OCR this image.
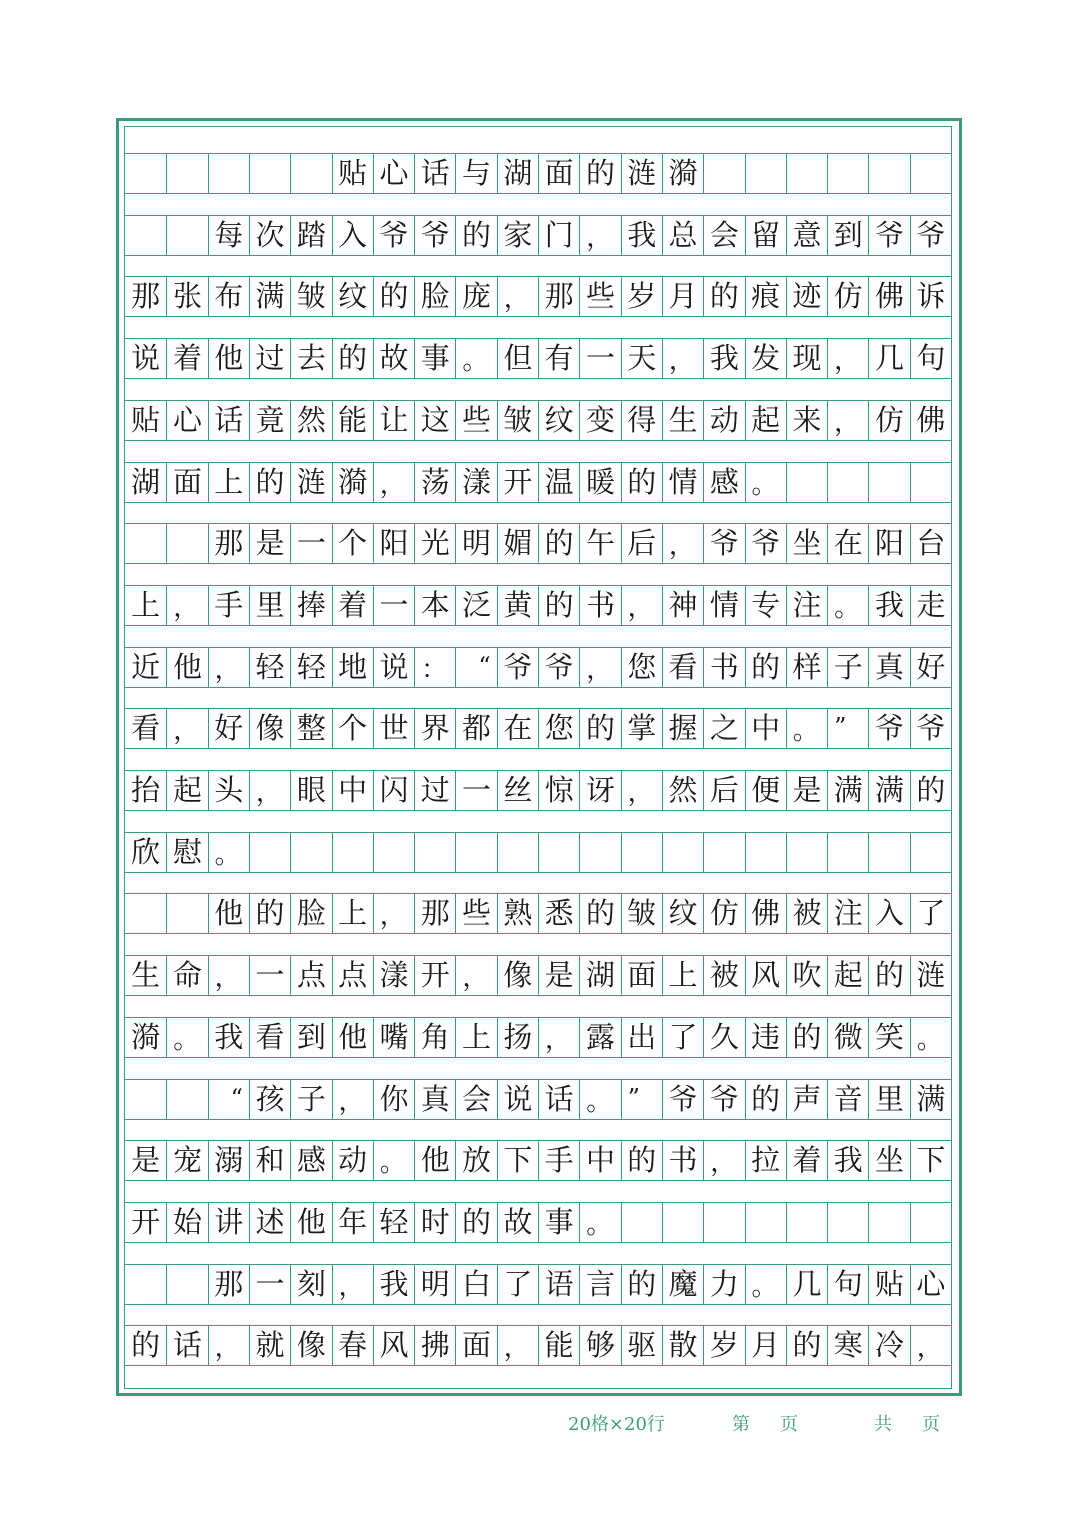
贴 心 话 与 湖 面 的 涟 漪
每 次 踏 入 爷 爷 的 家 门 ， 我 总 会 留 意 到 爷 爷
那 张 布 满 皱 纹 的 脸 庞 ， 那 些 岁 月 的 痕 迹 仿 佛 诉
说 着 他 过 去 的 故 事 。 但 有 一 天 ， 我 发 现 ， 几 句
贴 心 话 竟 然 能 让 这 些 皱 纹 变 得 生 动 起 来 ， 仿 佛
湖 面 上 的 涟 漪 ， 荡 漾 开 温 暖 的 情 感 。
那 是 一 个 阳 光 明 媚 的 午 后 ， 爷 爷 坐 在 阳 台
上 ， 手 里 捧 着 一 本 泛 黄 的 书 ， 神 情 专 注 。 我 走
近 他 ， 轻 轻 地 说 ：	“ 爷 爷 ， 您 看 书 的 样 子 真 好
看 ， 好 像 整 个 世 界 都 在 您 的 掌 握 之 中 。 ” 爷 爷
抬 起 头 ， 眼 中 闪 过 一 丝 惊 讶 ， 然 后 便 是 满 满 的
欣 慰 。
他 的 脸 上 ， 那 些 熟 悉 的 皱 纹 仿 佛 被 注 入 了
生 命 ， 一 点 点 漾 开 ， 像 是 湖 面 上 被 风 吹 起 的 涟
漪 。 我 看 到 他 嘴 角 上 扬 ， 露 出 了 久 违 的 微 笑 。
“ 孩 子 ， 你 真 会 说 话 。 ” 爷 爷 的 声 音 里 满
是 宠 溺 和 感 动 。 他 放 下 手 中 的 书 ， 拉 着 我 坐 下
开 始 讲 述 他 年 轻 时 的 故 事 。
那 一 刻 ， 我 明 白 了 语 言 的 魔 力 。 几 句 贴 心
的 话 ， 就 像 春 风 拂 面 ， 能 够 驱 散 岁 月 的 寒 冷 ，
20格×20行	第 页	共 页
